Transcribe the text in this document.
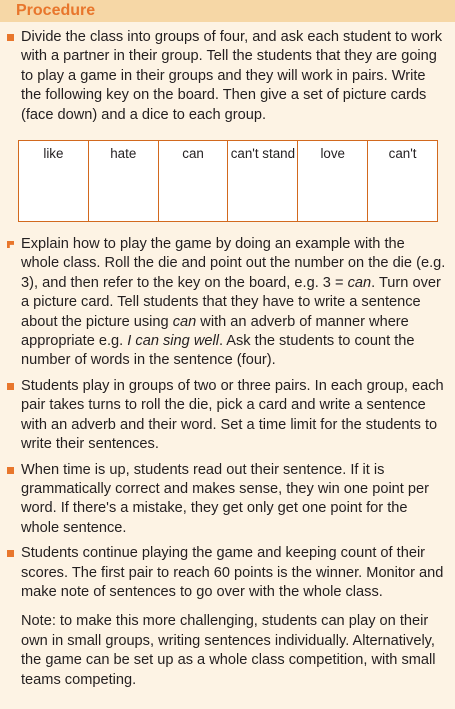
Procedure
Divide the class into groups of four, and ask each student to work with a partner in their group. Tell the students that they are going to play a game in their groups and they will work in pairs. Write the following key on the board. Then give a set of picture cards (face down) and a dice to each group.
like	hate	can	can't stand	love	can't
Explain how to play the game by doing an example with the whole class. Roll the die and point out the number on the die (e.g. 3), and then refer to the key on the board, e.g. 3 = can. Turn over a picture card. Tell students that they have to write a sentence about the picture using can with an adverb of manner where appropriate e.g. I can sing well. Ask the students to count the number of words in the sentence (four).
Students play in groups of two or three pairs. In each group, each pair takes turns to roll the die, pick a card and write a sentence with an adverb and their word. Set a time limit for the students to write their sentences.
When time is up, students read out their sentence. If it is grammatically correct and makes sense, they win one point per word. If there's a mistake, they get only get one point for the whole sentence.
Students continue playing the game and keeping count of their scores. The first pair to reach 60 points is the winner. Monitor and make note of sentences to go over with the whole class.
Note: to make this more challenging, students can play on their own in small groups, writing sentences individually. Alternatively, the game can be set up as a whole class competition, with small teams competing.
